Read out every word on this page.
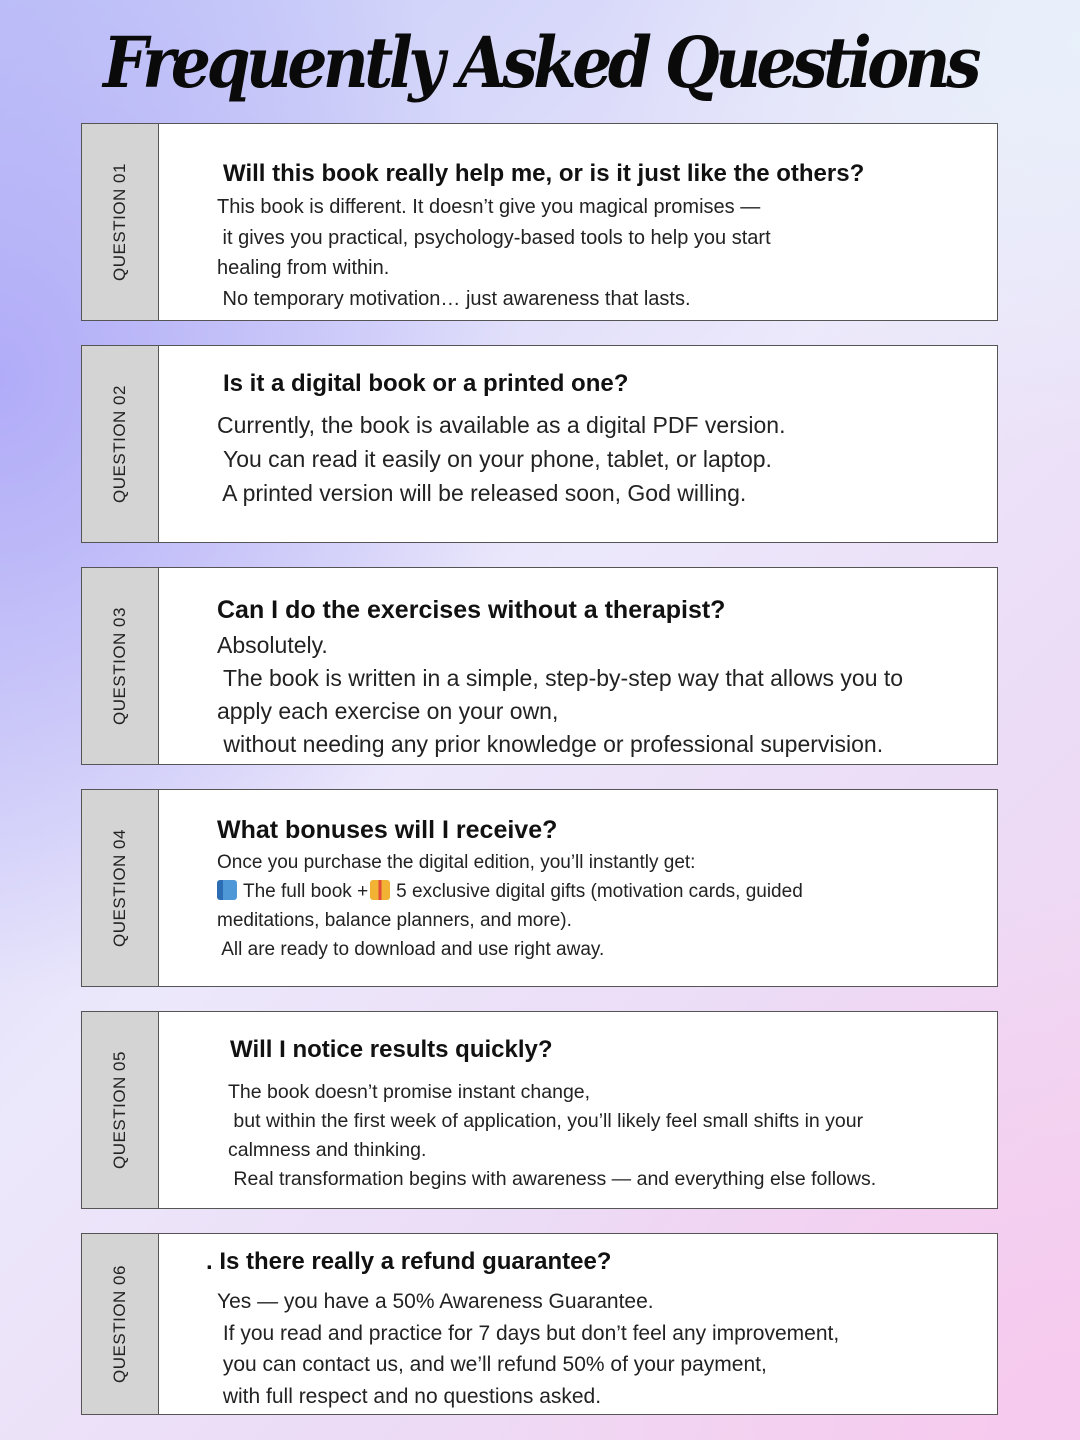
Frequently Asked Questions
QUESTION 01	Will this book really help me, or is it just like the others?
This book is different. It doesn’t give you magical promises —
it gives you practical, psychology-based tools to help you start
healing from within.
No temporary motivation… just awareness that lasts.
QUESTION 02
Is it a digital book or a printed one?
Currently, the book is available as a digital PDF version.
You can read it easily on your phone, tablet, or laptop.
A printed version will be released soon, God willing.
QUESTION 03	Can I do the exercises without a therapist?
Absolutely.
The book is written in a simple, step-by-step way that allows you to
apply each exercise on your own,
without needing any prior knowledge or professional supervision.
QUESTION 04	What bonuses will I receive?
Once you purchase the digital edition, you’ll instantly get:
The full book + 5 exclusive digital gifts (motivation cards, guided
meditations, balance planners, and more).
All are ready to download and use right away.
QUESTION 05
Will I notice results quickly?
The book doesn’t promise instant change,
but within the first week of application, you’ll likely feel small shifts in your
calmness and thinking.
Real transformation begins with awareness — and everything else follows.
QUESTION 06
. Is there really a refund guarantee?
Yes — you have a 50% Awareness Guarantee.
If you read and practice for 7 days but don’t feel any improvement,
you can contact us, and we’ll refund 50% of your payment,
with full respect and no questions asked.
